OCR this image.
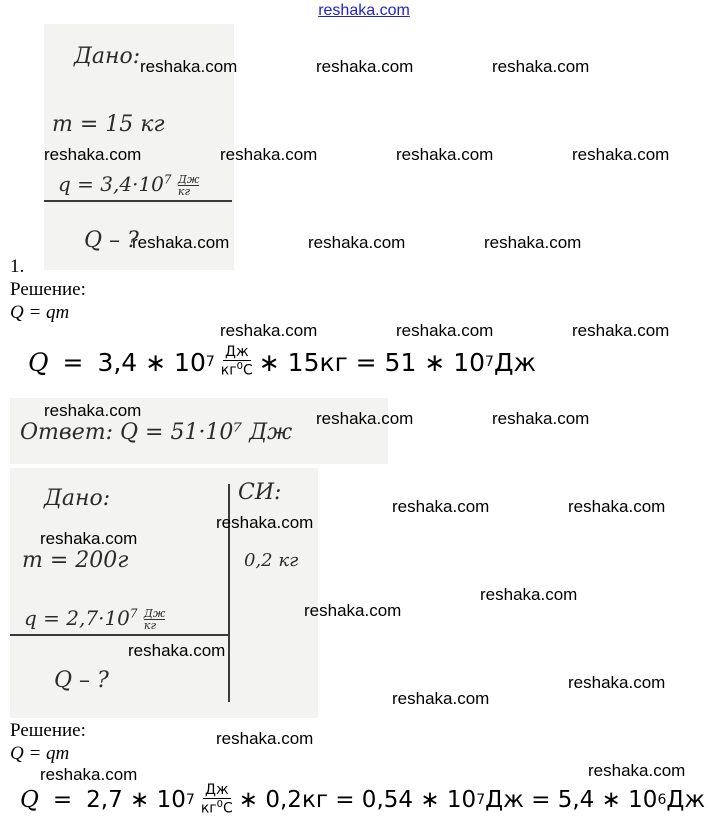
reshaka.com
Дано:
m = 15 кг
$q = 3,4\cdot 10^7$ Дж
кг
Q – ?
1.
Решение:
Q = qm
Q = 3,4 ∗ 10 $7 \frac{Дж}{кг^0С}$ ∗ 15кг = 51 ∗ 10 7 Дж
Ответ: Q = 51·10⁷ Дж
Дано:	СИ:
m = 200г	0,2 кг
$q = 2,7\cdot 10^7$ Дж
кг
Q – ?
Решение:
Q = qm
Q = 2,7 ∗ 10 $7 \frac{Дж}{кг^0С}$ ∗ 0,2кг = 0,54 ∗ 10 7 Дж = 5,4 ∗ 10 6 Дж
reshaka.com	reshaka.com	reshaka.com
reshaka.com	reshaka.com	reshaka.com	reshaka.com
reshaka.com	reshaka.com	reshaka.com
reshaka.com	reshaka.com	reshaka.com
reshaka.com	reshaka.com	reshaka.com
reshaka.com	reshaka.com
reshaka.com
reshaka.com
reshaka.com
reshaka.com
reshaka.com
reshaka.com
reshaka.com
reshaka.com
reshaka.com	reshaka.com
